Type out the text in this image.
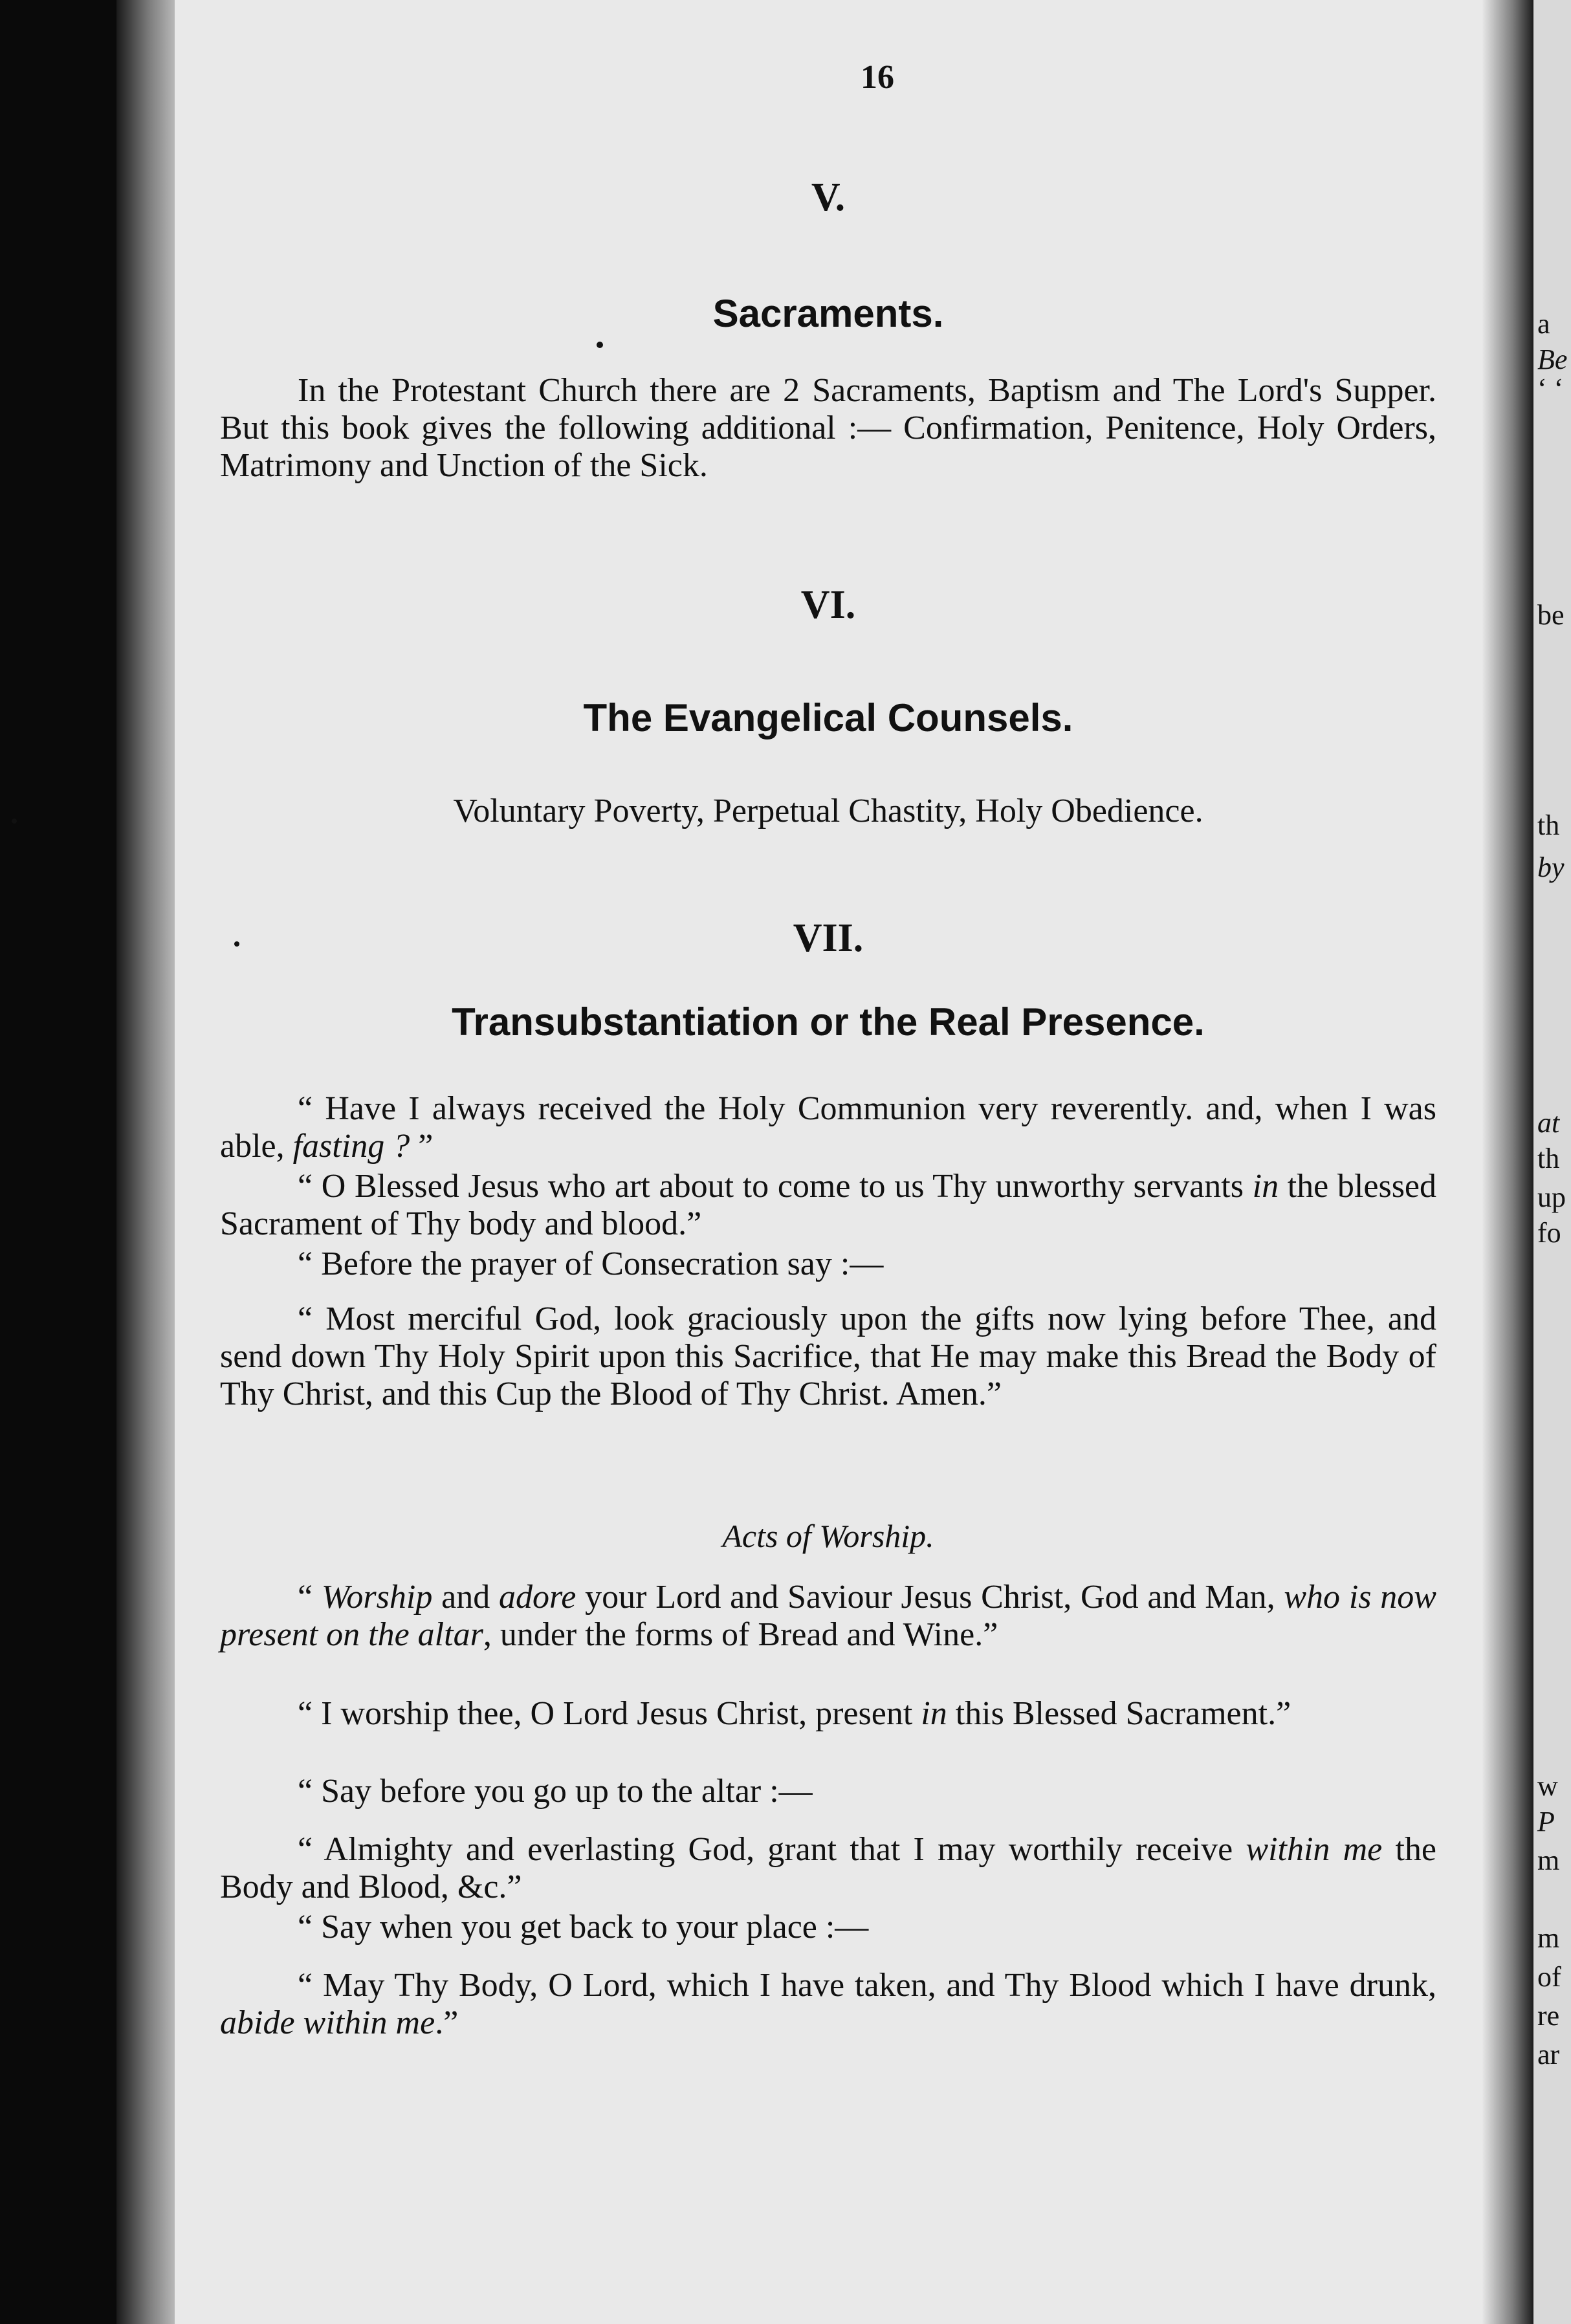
16
V.
Sacraments.

In the Protestant Church there are 2 Sacraments, Baptism and The Lord's Supper. But this book gives the following additional :— Confirmation, Penitence, Holy Orders, Matrimony and Unction of the Sick.

VI.
The Evangelical Counsels.

Voluntary Poverty, Perpetual Chastity, Holy Obedience.

VII.
Transubstantiation or the Real Presence.

“ Have I always received the Holy Communion very reverently. and, when I was able, fasting ? ”

“ O Blessed Jesus who art about to come to us Thy unworthy servants in the blessed Sacrament of Thy body and blood.”

“ Before the prayer of Consecration say :—

“ Most merciful God, look graciously upon the gifts now lying before Thee, and send down Thy Holy Spirit upon this Sacrifice, that He may make this Bread the Body of Thy Christ, and this Cup the Blood of Thy Christ. Amen.”

Acts of Worship.

“ Worship and adore your Lord and Saviour Jesus Christ, God and Man, who is now present on the altar, under the forms of Bread and Wine.”

“ I worship thee, O Lord Jesus Christ, present in this Blessed Sacrament.”

“ Say before you go up to the altar :—

“ Almighty and everlasting God, grant that I may worthily receive within me the Body and Blood, &c.”

“ Say when you get back to your place :—

“ May Thy Body, O Lord, which I have taken, and Thy Blood which I have drunk, abide within me.”

a
Be
‘ ‘
be
th
by
at
th
up
fo
w
P
m
m
of
re
ar
